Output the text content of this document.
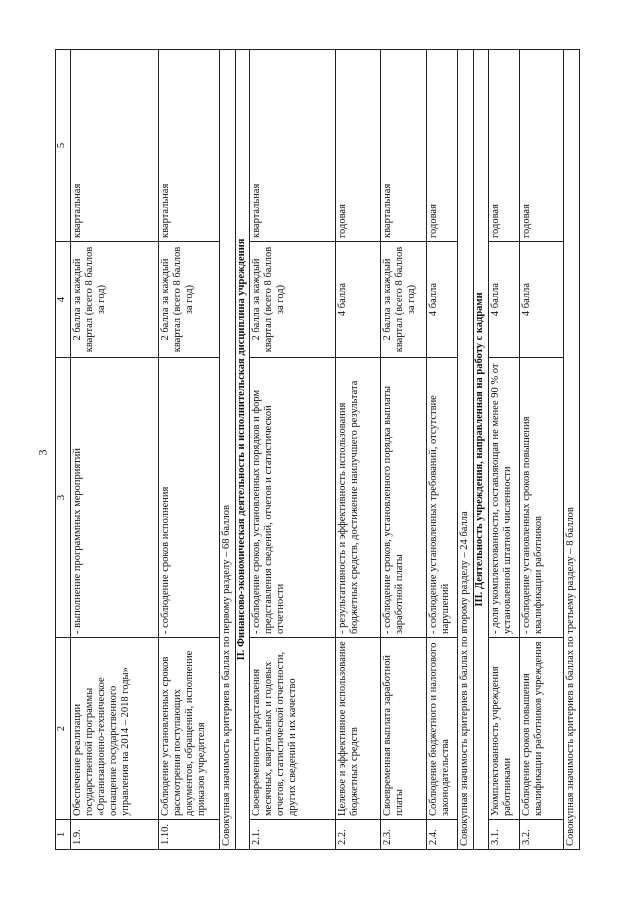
3
1	2	3	4	5
1.9.	Обеспечение реализации государственной программы «Организационно-техническое оснащение государственного управления на 2014 – 2018 годы»	- выполнение программных мероприятий	2 балла за каждый квартал (всего 8 баллов за год)	квартальная
1.10.	Соблюдение установленных сроков рассмотрения поступающих документов, обращений, исполнение приказов учредителя	- соблюдение сроков исполнения	2 балла за каждый квартал (всего 8 баллов за год)	квартальная
Совокупная значимость критериев в баллах по первому разделу – 68 баллов				
II. Финансово-экономическая деятельность и исполнительская дисциплина учреждения				
2.1.	Своевременность представления месячных, квартальных и годовых отчетов, статистической отчетности, других сведений и их качество	- соблюдение сроков, установленных порядков и форм представления сведений, отчетов и статистической отчетности	2 балла за каждый квартал (всего 8 баллов за год)	квартальная
2.2.	Целевое и эффективное использование бюджетных средств	- результативность и эффективность использования бюджетных средств, достижение наилучшего результата	4 балла	годовая
2.3.	Своевременная выплата заработной платы	- соблюдение сроков, установленного порядка выплаты заработной платы	2 балла за каждый квартал (всего 8 баллов за год)	квартальная
2.4.	Соблюдение бюджетного и налогового законодательства	- соблюдение установленных требований, отсутствие нарушений	4 балла	годовая
Совокупная значимость критериев в баллах по второму разделу – 24 балла				
III. Деятельность учреждения, направленная на работу с кадрами				
3.1.	Укомплектованность учреждения работниками	- доля укомплектованности, составляющая не менее 90 % от установленной штатной численности	4 балла	годовая
3.2.	Соблюдение сроков повышения квалификации работников учреждения	- соблюдение установленных сроков повышения квалификации работников	4 балла	годовая
Совокупная значимость критериев в баллах по третьему разделу – 8 баллов				
